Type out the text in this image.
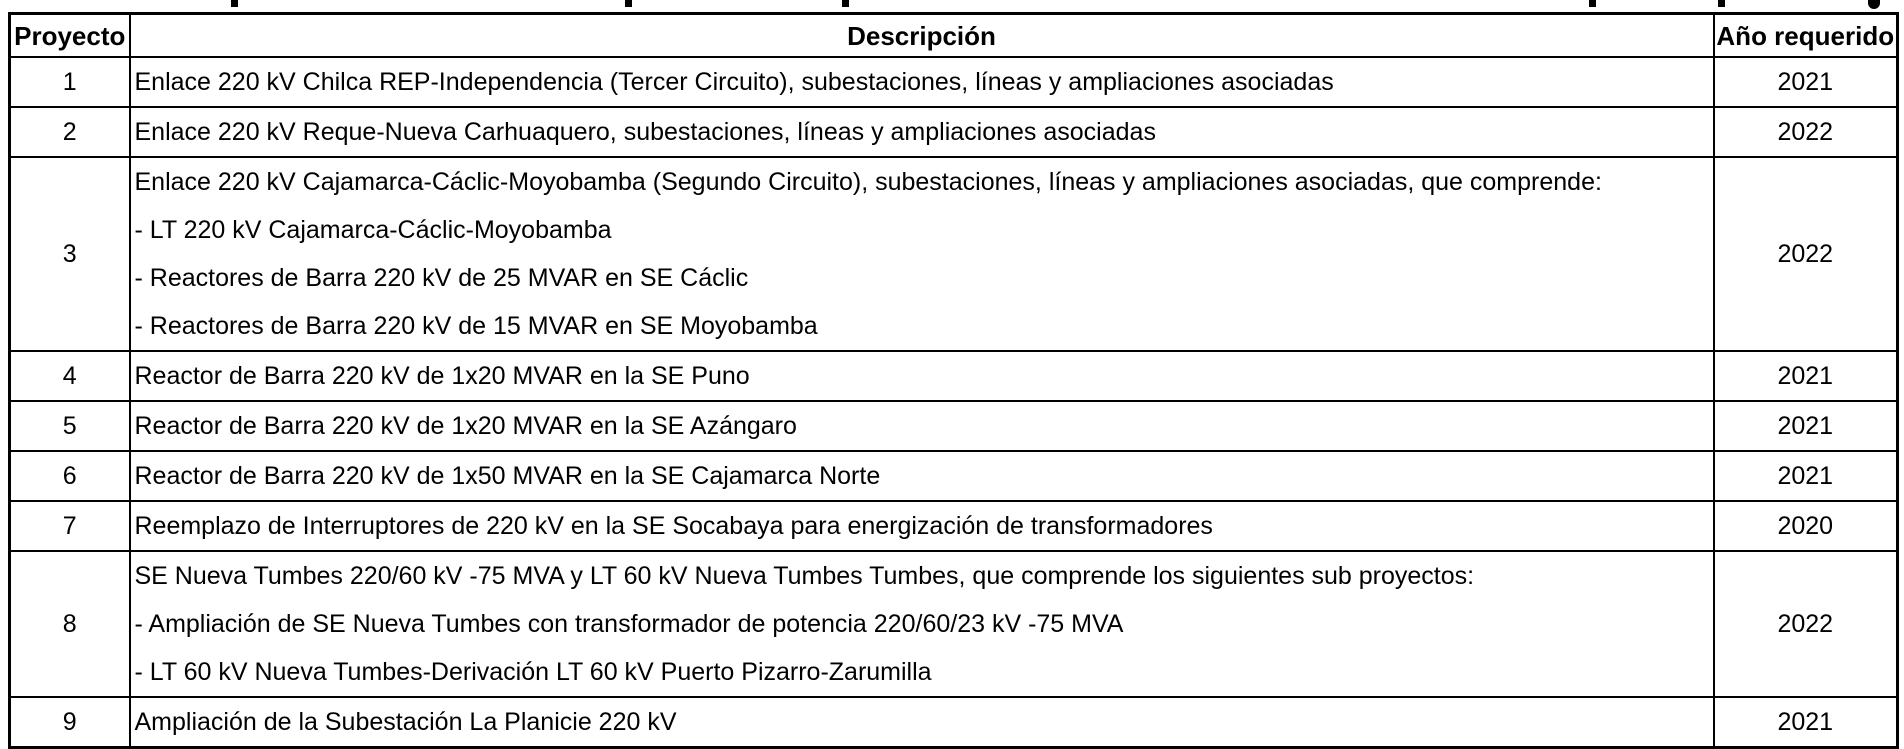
Proyecto	Descripción	Año requerido
1	Enlace 220 kV Chilca REP-Independencia (Tercer Circuito), subestaciones, líneas y ampliaciones asociadas	2021
2	Enlace 220 kV Reque-Nueva Carhuaquero, subestaciones, líneas y ampliaciones asociadas	2022
3	Enlace 220 kV Cajamarca-Cáclic-Moyobamba (Segundo Circuito), subestaciones, líneas y ampliaciones asociadas, que comprende:
- LT 220 kV Cajamarca-Cáclic-Moyobamba
- Reactores de Barra 220 kV de 25 MVAR en SE Cáclic
- Reactores de Barra 220 kV de 15 MVAR en SE Moyobamba	2022
4	Reactor de Barra 220 kV de 1x20 MVAR en la SE Puno	2021
5	Reactor de Barra 220 kV de 1x20 MVAR en la SE Azángaro	2021
6	Reactor de Barra 220 kV de 1x50 MVAR en la SE Cajamarca Norte	2021
7	Reemplazo de Interruptores de 220 kV en la SE Socabaya para energización de transformadores	2020
8	SE Nueva Tumbes 220/60 kV -75 MVA y LT 60 kV Nueva Tumbes Tumbes, que comprende los siguientes sub proyectos:
- Ampliación de SE Nueva Tumbes con transformador de potencia 220/60/23 kV -75 MVA
- LT 60 kV Nueva Tumbes-Derivación LT 60 kV Puerto Pizarro-Zarumilla	2022
9	Ampliación de la Subestación La Planicie 220 kV	2021
